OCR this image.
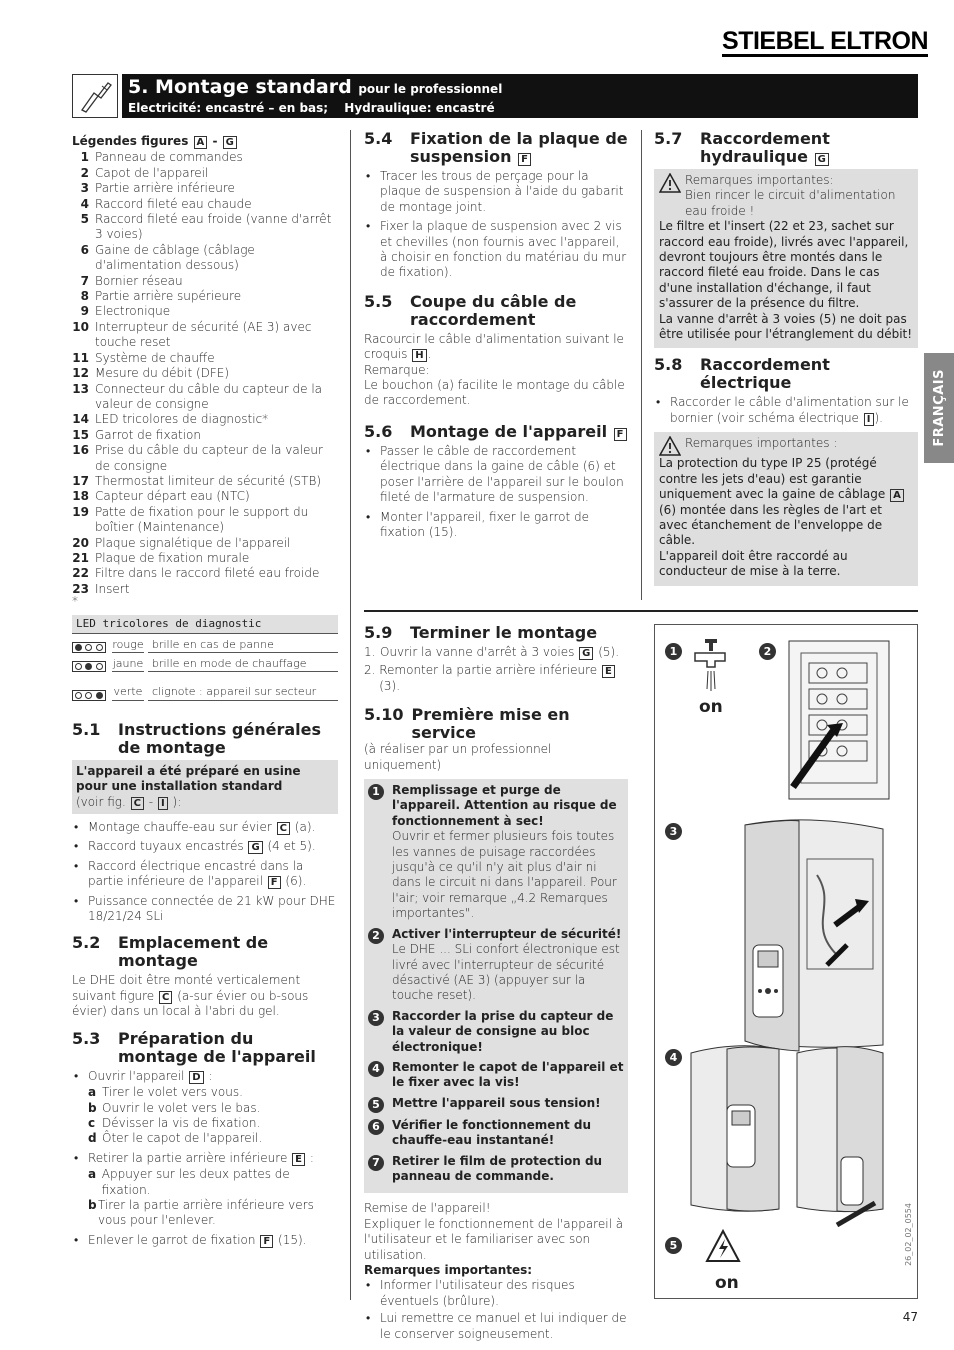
STIEBEL ELTRON
5. Montage standard pour le professionnel
Electricité: encastré – en bas; Hydraulique: encastré
Légendes figures A - G
1 Panneau de commandes
2 Capot de l'appareil
3 Partie arrière inférieure
4 Raccord fileté eau chaude
5 Raccord fileté eau froide (vanne d'arrêt 3 voies)
6 Gaine de câblage (câblage d'alimentation dessous)
7 Bornier réseau
8 Partie arrière supérieure
9 Electronique
10 Interrupteur de sécurité (AE 3) avec touche reset
11 Système de chauffe
12 Mesure du débit (DFE)
13 Connecteur du câble du capteur de la valeur de consigne
14 LED tricolores de diagnostic*
15 Garrot de fixation
16 Prise du câble du capteur de la valeur de consigne
17 Thermostat limiteur de sécurité (STB)
18 Capteur départ eau (NTC)
19 Patte de fixation pour le support du boîtier (Maintenance)
20 Plaque signalétique de l'appareil
21 Plaque de fixation murale
22 Filtre dans le raccord fileté eau froide
23 Insert
*
LED tricolores de diagnostic
rouge brille en cas de panne
jaune brille en mode de chauffage
verte clignote : appareil sur secteur
5.1	Instructions générales de montage
L'appareil a été préparé en usine pour une installation standard
(voir fig. C - I ):
• Montage chauffe-eau sur évier C (a).
• Raccord tuyaux encastrés G (4 et 5).
• Raccord électrique encastré dans la partie inférieure de l'appareil F (6).
• Puissance connectée de 21 kW pour DHE 18/21/24 SLi
5.2	Emplacement de montage
Le DHE doit être monté verticalement suivant figure C (a-sur évier ou b-sous évier) dans un local à l'abri du gel.
5.3	Préparation du montage de l'appareil
• Ouvrir l'appareil D :
a Tirer le volet vers vous.
b Ouvrir le volet vers le bas.
c Dévisser la vis de fixation.
d Ôter le capot de l'appareil.
• Retirer la partie arrière inférieure E :
a Appuyer sur les deux pattes de fixation.
b Tirer la partie arrière inférieure vers vous pour l'enlever.
• Enlever le garrot de fixation F (15).
5.4	Fixation de la plaque de suspension F
• Tracer les trous de perçage pour la plaque de suspension à l'aide du gabarit de montage joint.
• Fixer la plaque de suspension avec 2 vis et chevilles (non fournis avec l'appareil, à choisir en fonction du matériau du mur de fixation).
5.5	Coupe du câble de raccordement
Racourcir le câble d'alimentation suivant le croquis H .
Remarque:
Le bouchon (a) facilite le montage du câble de raccordement.
5.6	Montage de l'appareil F
• Passer le câble de raccordement électrique dans la gaine de câble (6) et poser l'arrière de l'appareil sur le boulon fileté de l'armature de suspension.
• Monter l'appareil, fixer le garrot de fixation (15).
5.7	Raccordement hydraulique G
Remarques importantes:
Bien rincer le circuit d'alimentation eau froide !
Le filtre et l'insert (22 et 23, sachet sur raccord eau froide), livrés avec l'appareil, devront toujours être montés dans le raccord fileté eau froide. Dans le cas d'une installation d'échange, il faut s'assurer de la présence du filtre.
La vanne d'arrêt à 3 voies (5) ne doit pas être utilisée pour l'étranglement du débit!
5.8	Raccordement électrique
• Raccorder le câble d'alimentation sur le bornier (voir schéma électrique I ).
Remarques importantes :
La protection du type IP 25 (protégé contre les jets d'eau) est garantie uniquement avec la gaine de câblage A (6) montée dans les règles de l'art et avec étanchement de l'enveloppe de câble.
L'appareil doit être raccordé au conducteur de mise à la terre.
5.9	Terminer le montage
1. Ouvrir la vanne d'arrêt à 3 voies G (5).
2. Remonter la partie arrière inférieure E (3).
5.10 Première mise en service
(à réaliser par un professionnel uniquement)
1	Remplissage et purge de l'appareil. Attention au risque de fonctionnement à sec!
Ouvrir et fermer plusieurs fois toutes les vannes de puisage raccordées jusqu'à ce qu'il n'y ait plus d'air ni dans le circuit ni dans l'appareil. Pour l'air; voir remarque „4.2 Remarques importantes".
2	Activer l'interrupteur de sécurité!
Le DHE ... SLi confort électronique est livré avec l'interrupteur de sécurité désactivé (AE 3) (appuyer sur la touche reset).
3	Raccorder la prise du capteur de la valeur de consigne au bloc électronique!
4	Remonter le capot de l'appareil et le fixer avec la vis!
5	Mettre l'appareil sous tension!
6	Vérifier le fonctionnement du chauffe-eau instantané!
7	Retirer le film de protection du panneau de commande.
Remise de l'appareil!
Expliquer le fonctionnement de l'appareil à l'utilisateur et le familiariser avec son utilisation.
Remarques importantes:
• Informer l'utilisateur des risques éventuels (brûlure).
• Lui remettre ce manuel et lui indiquer de le conserver soigneusement.
1	2
3
4
5
on
on
26_02_02_0554
FRANÇAIS
47
